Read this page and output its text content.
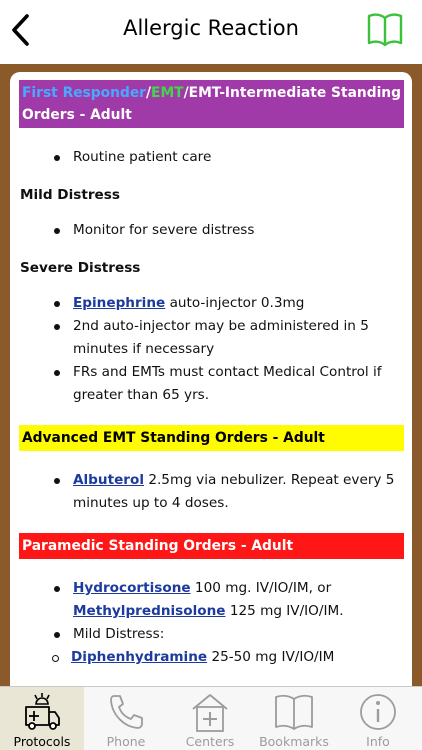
Allergic Reaction
First Responder/EMT/EMT-Intermediate Standing Orders - Adult
Routine patient care
Mild Distress
Monitor for severe distress
Severe Distress
Epinephrine auto-injector 0.3mg
2nd auto-injector may be administered in 5 minutes if necessary
FRs and EMTs must contact Medical Control if greater than 65 yrs.
Advanced EMT Standing Orders - Adult
Albuterol 2.5mg via nebulizer. Repeat every 5 minutes up to 4 doses.
Paramedic Standing Orders - Adult
Hydrocortisone 100 mg. IV/IO/IM, or
Methylprednisolone 125 mg IV/IO/IM.
Mild Distress:
Diphenhydramine 25-50 mg IV/IO/IM
Protocols	Phone	Centers	Bookmarks	Info
